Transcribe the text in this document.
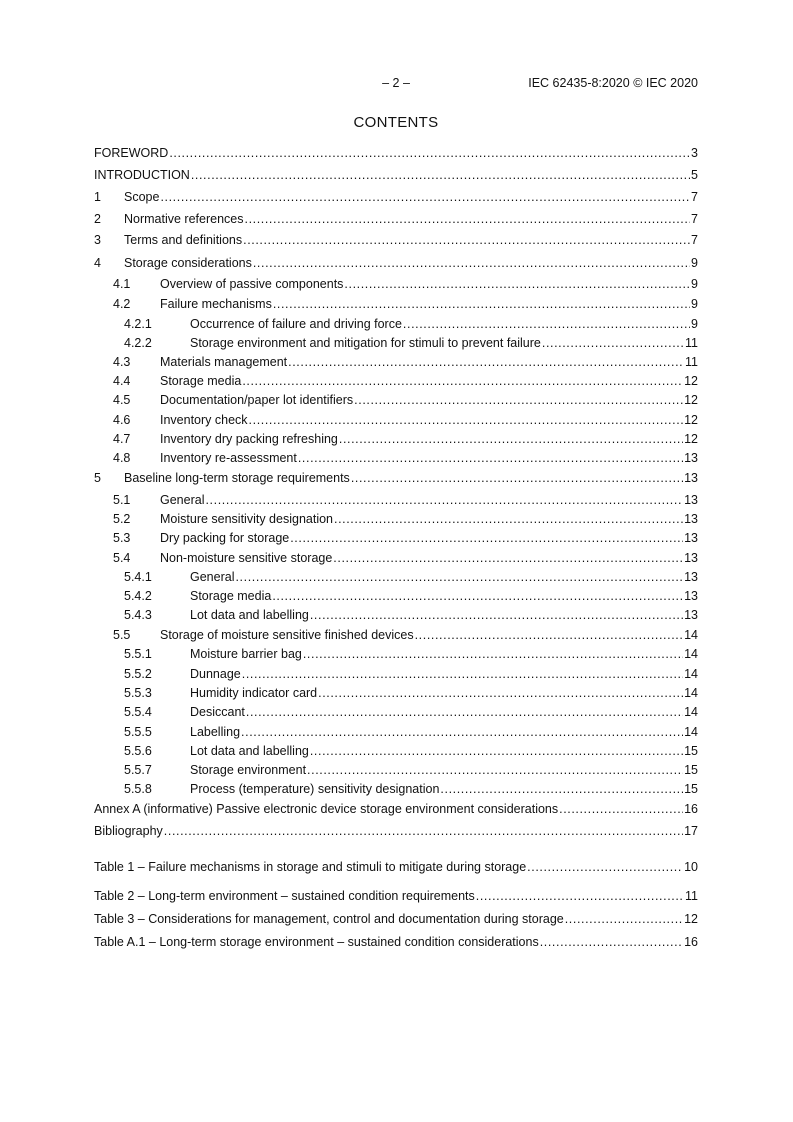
– 2 –	IEC 62435-8:2020 © IEC 2020
CONTENTS
FOREWORD .....	3
INTRODUCTION .....	5
1	Scope .....	7
2	Normative references .....	7
3	Terms and definitions .....	7
4	Storage considerations .....	9
4.1	Overview of passive components .....	9
4.2	Failure mechanisms .....	9
4.2.1	Occurrence of failure and driving force .....	9
4.2.2	Storage environment and mitigation for stimuli to prevent failure .....	11
4.3	Materials management .....	11
4.4	Storage media .....	12
4.5	Documentation/paper lot identifiers .....	12
4.6	Inventory check .....	12
4.7	Inventory dry packing refreshing .....	12
4.8	Inventory re-assessment .....	13
5	Baseline long-term storage requirements .....	13
5.1	General .....	13
5.2	Moisture sensitivity designation .....	13
5.3	Dry packing for storage .....	13
5.4	Non-moisture sensitive storage .....	13
5.4.1	General .....	13
5.4.2	Storage media .....	13
5.4.3	Lot data and labelling .....	13
5.5	Storage of moisture sensitive finished devices .....	14
5.5.1	Moisture barrier bag .....	14
5.5.2	Dunnage .....	14
5.5.3	Humidity indicator card .....	14
5.5.4	Desiccant .....	14
5.5.5	Labelling .....	14
5.5.6	Lot data and labelling .....	15
5.5.7	Storage environment .....	15
5.5.8	Process (temperature) sensitivity designation .....	15
Annex A (informative) Passive electronic device storage environment considerations .....	16
Bibliography .....	17
Table 1 – Failure mechanisms in storage and stimuli to mitigate during storage .....	10
Table 2 – Long-term environment – sustained condition requirements .....	11
Table 3 – Considerations for management, control and documentation during storage .....	12
Table A.1 – Long-term storage environment – sustained condition considerations .....	16
